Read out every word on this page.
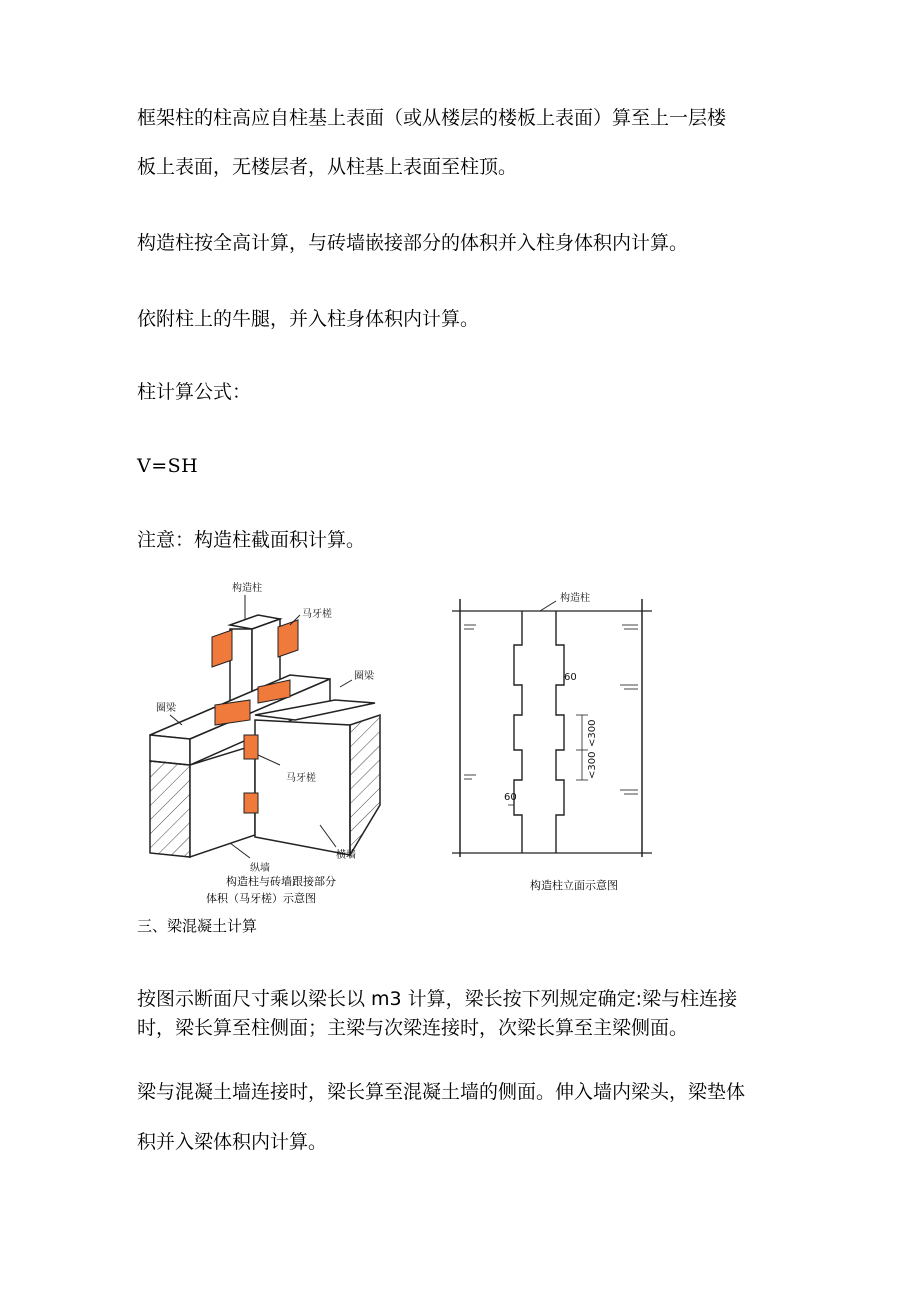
框架柱的柱高应自柱基上表面（或从楼层的楼板上表面）算至上一层楼

板上表面，无楼层者，从柱基上表面至柱顶。

构造柱按全高计算，与砖墙嵌接部分的体积并入柱身体积内计算。

依附柱上的牛腿，并入柱身体积内计算。

柱计算公式：

V=SH

注意：构造柱截面积计算。

构造柱
马牙槎
圈梁
圈梁
马牙槎
纵墙
横墙
构造柱与砖墙跟接部分
体积（马牙槎）示意图
构造柱
60
<300
<300
60
构造柱立面示意图

三、梁混凝土计算

按图示断面尺寸乘以梁长以 m3 计算，梁长按下列规定确定:梁与柱连接

时，梁长算至柱侧面；主梁与次梁连接时，次梁长算至主梁侧面。

梁与混凝土墙连接时，梁长算至混凝土墙的侧面。伸入墙内梁头，梁垫体

积并入梁体积内计算。
